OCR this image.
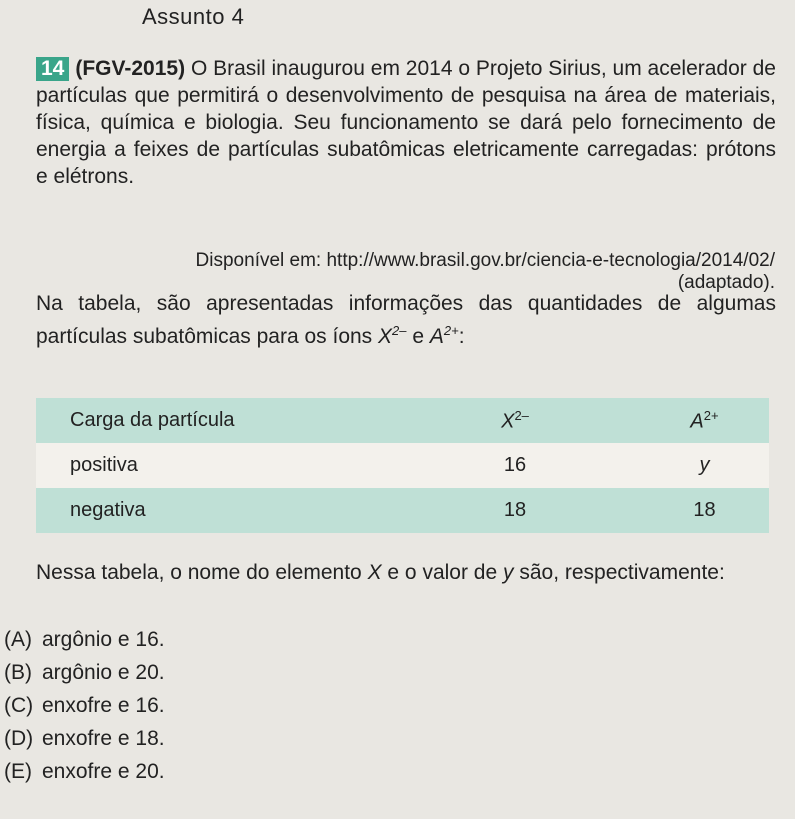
Assunto 4
14 (FGV-2015) O Brasil inaugurou em 2014 o Projeto Sirius, um acelerador de partículas que permitirá o desenvolvimento de pesquisa na área de materiais, física, química e biologia. Seu funcionamento se dará pelo fornecimento de energia a feixes de partículas subatômicas eletricamente carregadas: prótons e elétrons.
Disponível em: http://www.brasil.gov.br/ciencia-e-tecnologia/2014/02/ (adaptado).
Na tabela, são apresentadas informações das quantidades de algumas partículas subatômicas para os íons $X^{2-}$ e $A^{2+}$:
Carga da partícula	$X^{2-}$	$A^{2+}$
positiva	16	y
negativa	18	18
Nessa tabela, o nome do elemento X e o valor de y são, respectivamente:
(A) argônio e 16.
(B) argônio e 20.
(C) enxofre e 16.
(D) enxofre e 18.
(E) enxofre e 20.
